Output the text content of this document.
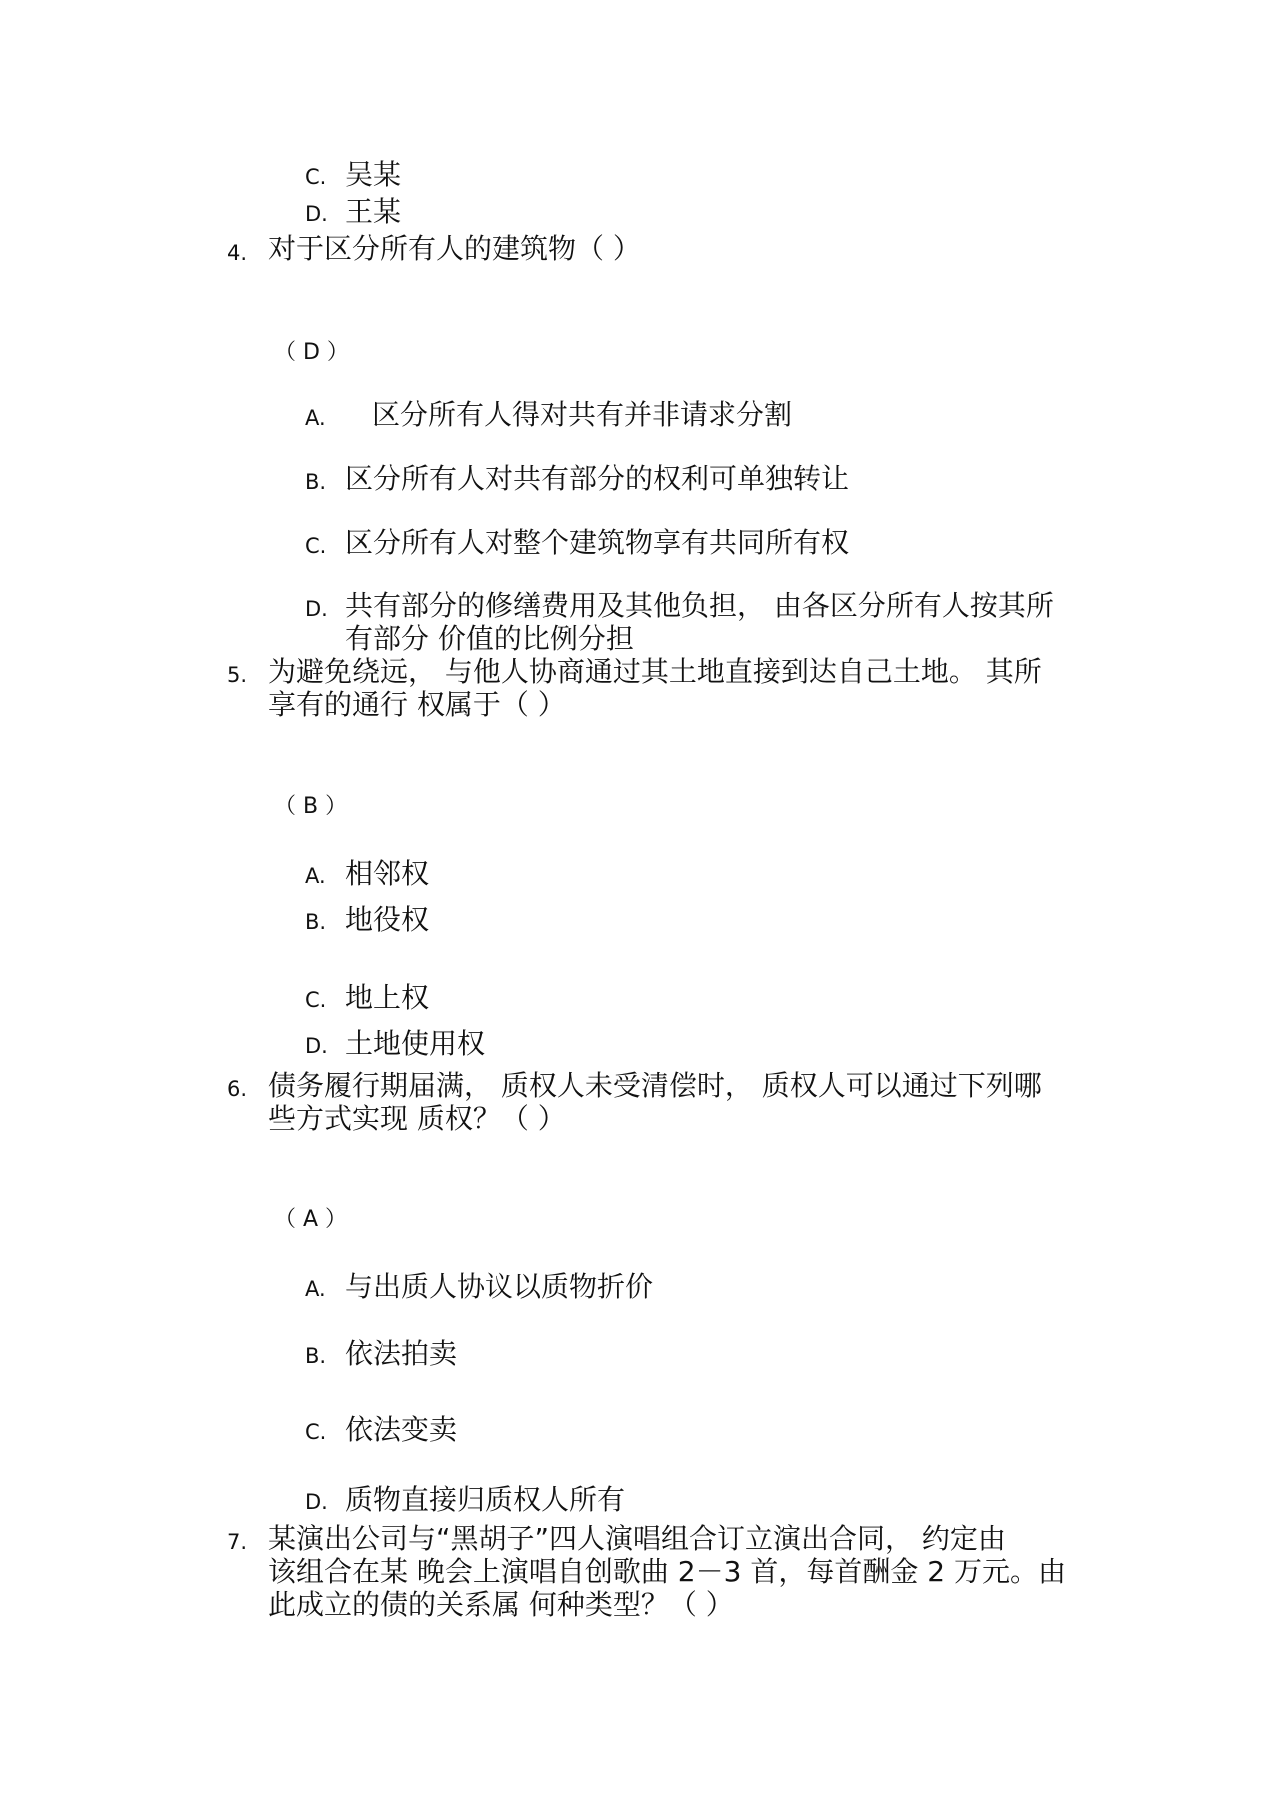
C. 吴某
D. 王某
4. 对于区分所有人的建筑物（ ）
（ D ）
A. 区分所有人得对共有并非请求分割
B. 区分所有人对共有部分的权利可单独转让
C. 区分所有人对整个建筑物享有共同所有权
D. 共有部分的修缮费用及其他负担， 由各区分所有人按其所
有部分 价值的比例分担
5. 为避免绕远， 与他人协商通过其土地直接到达自己土地。 其所
享有的通行 权属于（ ）
（ B ）
A. 相邻权
B. 地役权
C. 地上权
D. 土地使用权
6. 债务履行期届满， 质权人未受清偿时， 质权人可以通过下列哪
些方式实现 质权？（ ）
（ A ）
A. 与出质人协议以质物折价
B. 依法拍卖
C. 依法变卖
D. 质物直接归质权人所有
7. 某演出公司与“黑胡子”四人演唱组合订立演出合同， 约定由
该组合在某 晚会上演唱自创歌曲 2－3 首，每首酬金 2 万元。由
此成立的债的关系属 何种类型？（ ）
